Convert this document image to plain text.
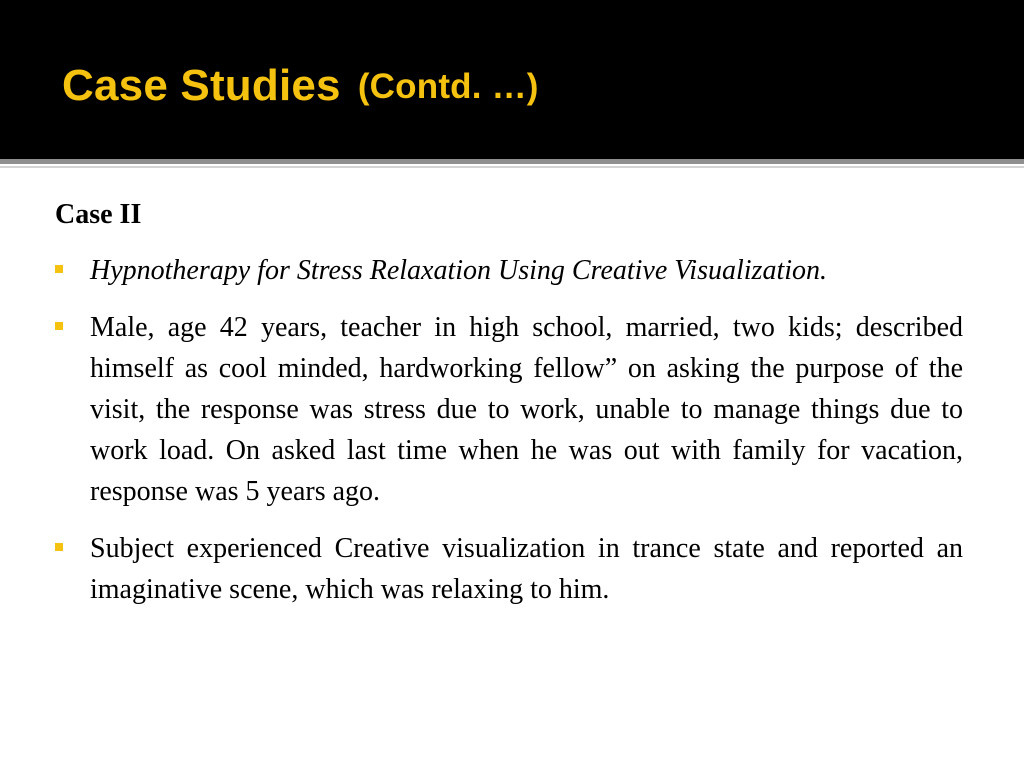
Case Studies (Contd. …)
Case II
Hypnotherapy for Stress Relaxation Using Creative Visualization.
Male, age 42 years, teacher in high school, married, two kids; described himself as cool minded, hardworking fellow” on asking the purpose of the visit, the response was stress due to work, unable to manage things due to work load. On asked last time when he was out with family for vacation, response was 5 years ago.
Subject experienced Creative visualization in trance state and reported an imaginative scene, which was relaxing to him.
